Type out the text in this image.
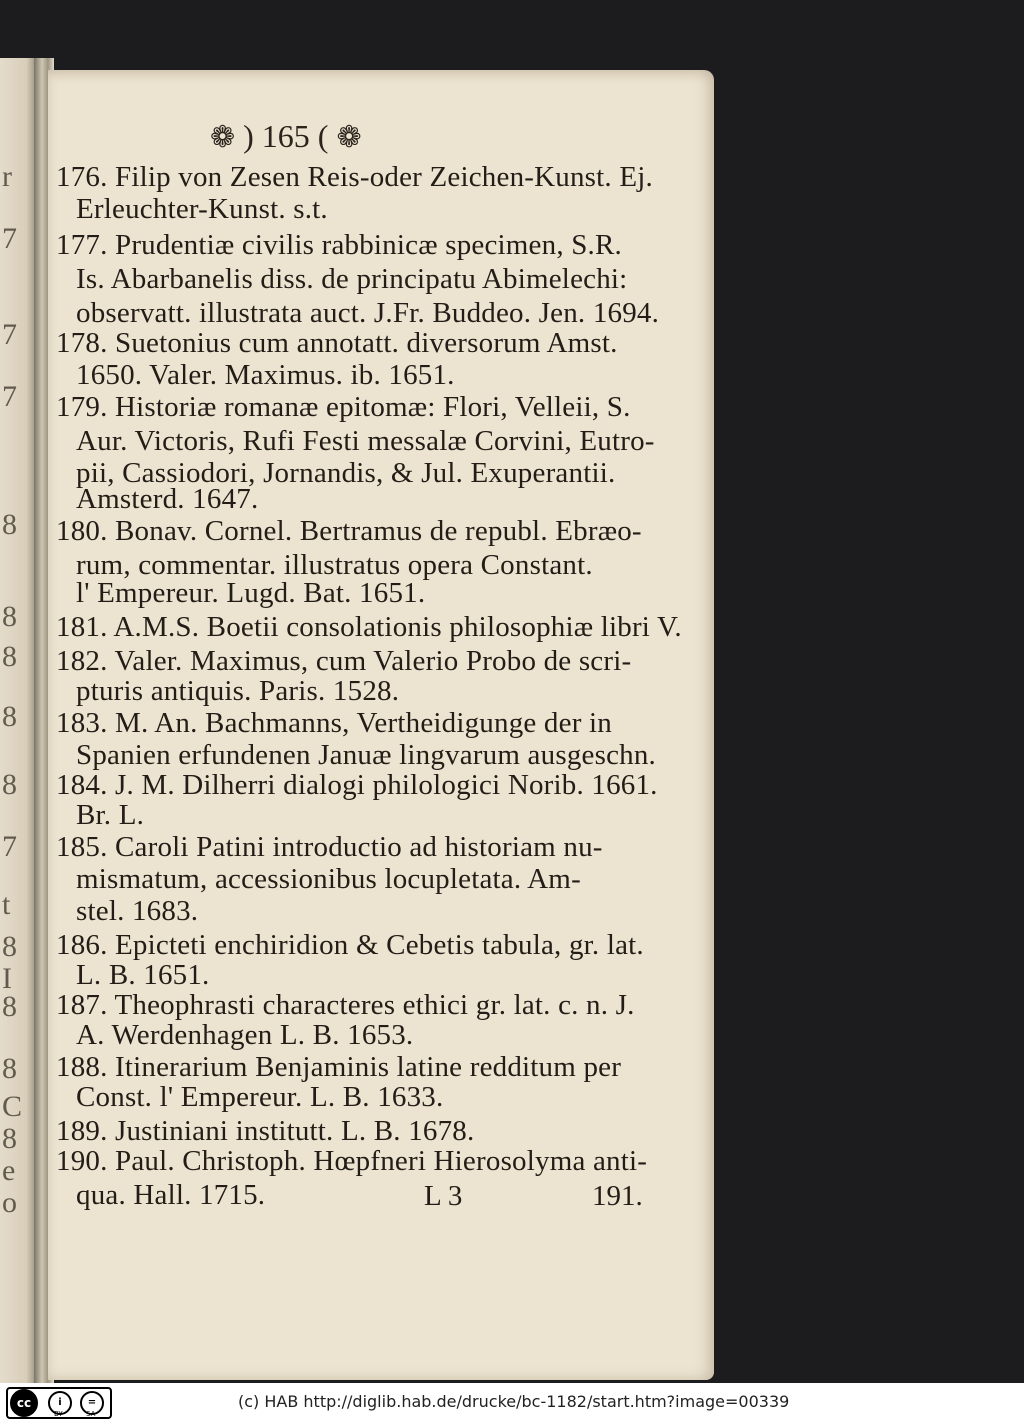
r
7
7
7
8
8
8
8
8
7
t
8
I
8
8
C
8
e
o
❁ ) 165 ( ❁
176. Filip von Zesen Reis-oder Zeichen-Kunst. Ej.
Erleuchter-Kunst. s.t.
177. Prudentiæ civilis rabbinicæ specimen, S.R.
Is. Abarbanelis diss. de principatu Abimelechi:
observatt. illustrata auct. J.Fr. Buddeo. Jen. 1694.
178. Suetonius cum annotatt. diversorum Amst.
1650. Valer. Maximus. ib. 1651.
179. Historiæ romanæ epitomæ: Flori, Velleii, S.
Aur. Victoris, Rufi Festi messalæ Corvini, Eutro-
pii, Cassiodori, Jornandis, & Jul. Exuperantii.
Amsterd. 1647.
180. Bonav. Cornel. Bertramus de republ. Ebræo-
rum, commentar. illustratus opera Constant.
l' Empereur. Lugd. Bat. 1651.
181. A.M.S. Boetii consolationis philosophiæ libri V.
182. Valer. Maximus, cum Valerio Probo de scri-
pturis antiquis. Paris. 1528.
183. M. An. Bachmanns, Vertheidigunge der in
Spanien erfundenen Januæ lingvarum ausgeschn.
184. J. M. Dilherri dialogi philologici Norib. 1661.
Br. L.
185. Caroli Patini introductio ad historiam nu-
mismatum, accessionibus locupletata. Am-
stel. 1683.
186. Epicteti enchiridion & Cebetis tabula, gr. lat.
L. B. 1651.
187. Theophrasti characteres ethici gr. lat. c. n. J.
A. Werdenhagen L. B. 1653.
188. Itinerarium Benjaminis latine redditum per
Const. l' Empereur. L. B. 1633.
189. Justiniani institutt. L. B. 1678.
190. Paul. Christoph. Hœpfneri Hierosolyma anti-
qua. Hall. 1715.	L 3	191.
cc	i	=
BY	SA
(c) HAB http://diglib.hab.de/drucke/bc-1182/start.htm?image=00339
